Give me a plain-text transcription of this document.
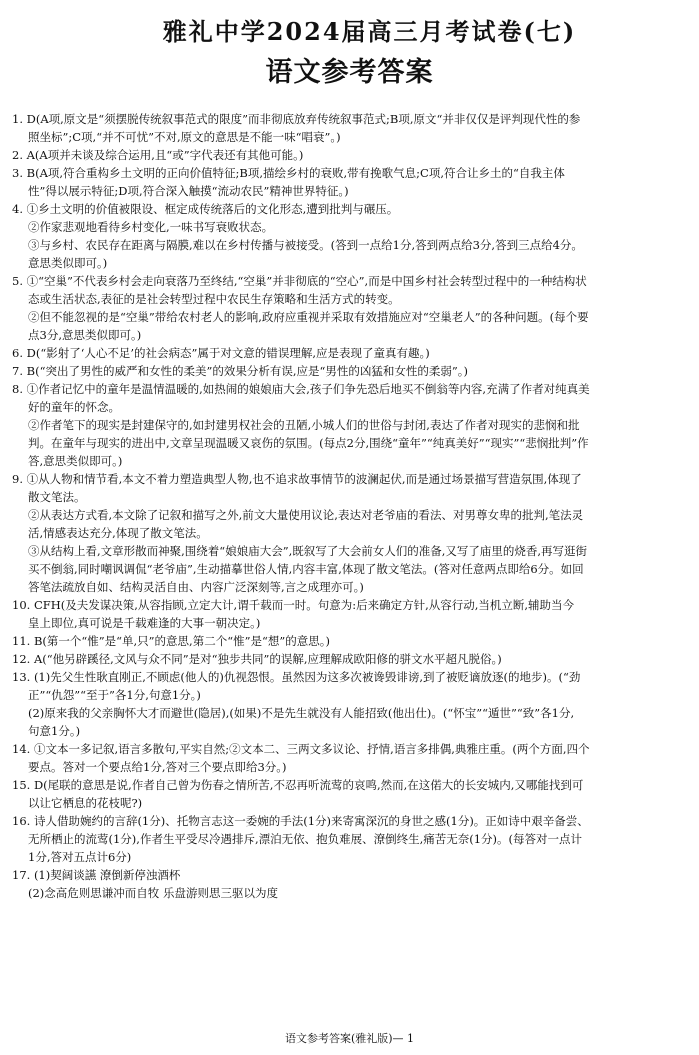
雅礼中学2024届高三月考试卷(七)
语文参考答案
1. D(A项,原文是“须摆脱传统叙事范式的限度”而非彻底放弃传统叙事范式;B项,原文“并非仅仅是评判现代性的参
照坐标”;C项,“并不可忧”不对,原文的意思是不能一味“唱衰”。)
2. A(A项并未谈及综合运用,且“或”字代表还有其他可能。)
3. B(A项,符合重构乡土文明的正向价值特征;B项,描绘乡村的衰败,带有挽歌气息;C项,符合让乡土的“自我主体
性”得以展示特征;D项,符合深入触摸“流动农民”精神世界特征。)
4. ①乡土文明的价值被限设、框定成传统落后的文化形态,遭到批判与碾压。
②作家悲观地看待乡村变化,一味书写衰败状态。
③与乡村、农民存在距离与隔膜,难以在乡村传播与被接受。(答到一点给1分,答到两点给3分,答到三点给4分。
意思类似即可。)
5. ①“空巢”不代表乡村会走向衰落乃至终结,“空巢”并非彻底的“空心”,而是中国乡村社会转型过程中的一种结构状
态或生活状态,表征的是社会转型过程中农民生存策略和生活方式的转变。
②但不能忽视的是“空巢”带给农村老人的影响,政府应重视并采取有效措施应对“空巢老人”的各种问题。(每个要
点3分,意思类似即可。)
6. D(“影射了‘人心不足’的社会病态”属于对文意的错误理解,应是表现了童真有趣。)
7. B(“突出了男性的威严和女性的柔美”的效果分析有误,应是“男性的凶猛和女性的柔弱”。)
8. ①作者记忆中的童年是温情温暖的,如热闹的娘娘庙大会,孩子们争先恐后地买不倒翁等内容,充满了作者对纯真美
好的童年的怀念。
②作者笔下的现实是封建保守的,如封建男权社会的丑陋,小城人们的世俗与封闭,表达了作者对现实的悲悯和批
判。在童年与现实的进出中,文章呈现温暖又哀伤的氛围。(每点2分,围绕“童年”“纯真美好”“现实”“悲悯批判”作
答,意思类似即可。)
9. ①从人物和情节看,本文不着力塑造典型人物,也不追求故事情节的波澜起伏,而是通过场景描写营造氛围,体现了
散文笔法。
②从表达方式看,本文除了记叙和描写之外,前文大量使用议论,表达对老爷庙的看法、对男尊女卑的批判,笔法灵
活,情感表达充分,体现了散文笔法。
③从结构上看,文章形散而神聚,围绕着“娘娘庙大会”,既叙写了大会前女人们的准备,又写了庙里的烧香,再写逛街
买不倒翁,同时嘲讽调侃“老爷庙”,生动描摹世俗人情,内容丰富,体现了散文笔法。(答对任意两点即给6分。如回
答笔法疏放自如、结构灵活自由、内容广泛深刻等,言之成理亦可。)
10. CFH(及夫发谋决策,从容指顾,立定大计,谓千载而一时。句意为:后来确定方针,从容行动,当机立断,辅助当今
皇上即位,真可说是千载难逢的大事一朝决定。)
11. B(第一个“惟”是“单,只”的意思,第二个“惟”是“想”的意思。)
12. A(“他另辟蹊径,文风与众不同”是对“独步共同”的误解,应理解成欧阳修的骈文水平超凡脱俗。)
13. (1)先父生性耿直刚正,不顾虑(他人的)仇视怨恨。虽然因为这多次被谗毁诽谤,到了被贬谪放逐(的地步)。(“劲
正”“仇怨”“至于”各1分,句意1分。)
(2)原来我的父亲胸怀大才而避世(隐居),(如果)不是先生就没有人能招致(他出仕)。(“怀宝”“遁世”“致”各1分,
句意1分。)
14. ①文本一多记叙,语言多散句,平实自然;②文本二、三两文多议论、抒情,语言多排偶,典雅庄重。(两个方面,四个
要点。答对一个要点给1分,答对三个要点即给3分。)
15. D(尾联的意思是说,作者自己曾为伤春之情所苦,不忍再听流莺的哀鸣,然而,在这偌大的长安城内,又哪能找到可
以让它栖息的花枝呢?)
16. 诗人借助婉约的言辞(1分)、托物言志这一委婉的手法(1分)来寄寓深沉的身世之感(1分)。正如诗中艰辛备尝、
无所栖止的流莺(1分),作者生平受尽冷遇排斥,漂泊无依、抱负难展、潦倒终生,痛苦无奈(1分)。(每答对一点计
1分,答对五点计6分)
17. (1)契阔谈讌 潦倒新停浊酒杯
(2)念高危则思谦冲而自牧 乐盘游则思三驱以为度
语文参考答案(雅礼版)— 1
